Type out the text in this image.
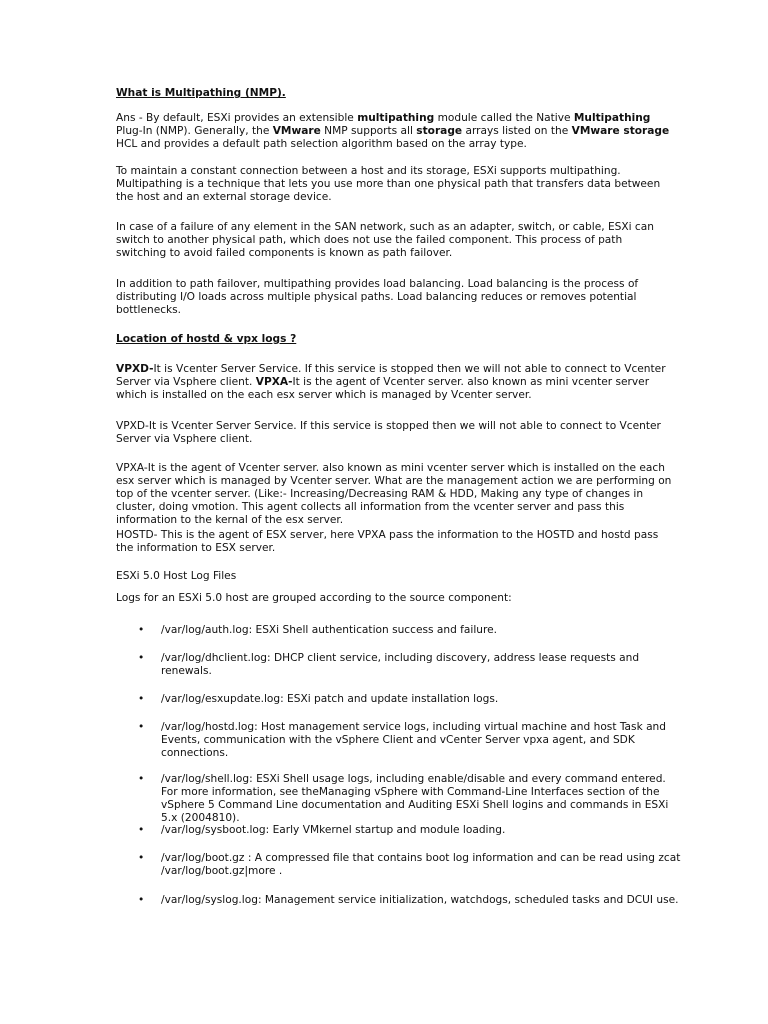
What is Multipathing (NMP).
Ans - By default, ESXi provides an extensible multipathing module called the Native Multipathing Plug-In (NMP). Generally, the VMware NMP supports all storage arrays listed on the VMware storage HCL and provides a default path selection algorithm based on the array type.
To maintain a constant connection between a host and its storage, ESXi supports multipathing. Multipathing is a technique that lets you use more than one physical path that transfers data between the host and an external storage device.
In case of a failure of any element in the SAN network, such as an adapter, switch, or cable, ESXi can switch to another physical path, which does not use the failed component. This process of path switching to avoid failed components is known as path failover.
In addition to path failover, multipathing provides load balancing. Load balancing is the process of distributing I/O loads across multiple physical paths. Load balancing reduces or removes potential bottlenecks.
Location of hostd & vpx logs ?
VPXD-It is Vcenter Server Service. If this service is stopped then we will not able to connect to Vcenter Server via Vsphere client. VPXA-It is the agent of Vcenter server. also known as mini vcenter server which is installed on the each esx server which is managed by Vcenter server.
VPXD-It is Vcenter Server Service. If this service is stopped then we will not able to connect to Vcenter Server via Vsphere client.
VPXA-It is the agent of Vcenter server. also known as mini vcenter server which is installed on the each esx server which is managed by Vcenter server. What are the management action we are performing on top of the vcenter server. (Like:- Increasing/Decreasing RAM & HDD, Making any type of changes in cluster, doing vmotion. This agent collects all information from the vcenter server and pass this information to the kernal of the esx server.
HOSTD- This is the agent of ESX server, here VPXA pass the information to the HOSTD and hostd pass the information to ESX server.
ESXi 5.0 Host Log Files
Logs for an ESXi 5.0 host are grouped according to the source component:
• /var/log/auth.log: ESXi Shell authentication success and failure.
• /var/log/dhclient.log: DHCP client service, including discovery, address lease requests and renewals.
• /var/log/esxupdate.log: ESXi patch and update installation logs.
• /var/log/hostd.log: Host management service logs, including virtual machine and host Task and Events, communication with the vSphere Client and vCenter Server vpxa agent, and SDK connections.
• /var/log/shell.log: ESXi Shell usage logs, including enable/disable and every command entered. For more information, see theManaging vSphere with Command-Line Interfaces section of the vSphere 5 Command Line documentation and Auditing ESXi Shell logins and commands in ESXi 5.x (2004810).
• /var/log/sysboot.log: Early VMkernel startup and module loading.
• /var/log/boot.gz : A compressed file that contains boot log information and can be read using zcat /var/log/boot.gz|more .
• /var/log/syslog.log: Management service initialization, watchdogs, scheduled tasks and DCUI use.
